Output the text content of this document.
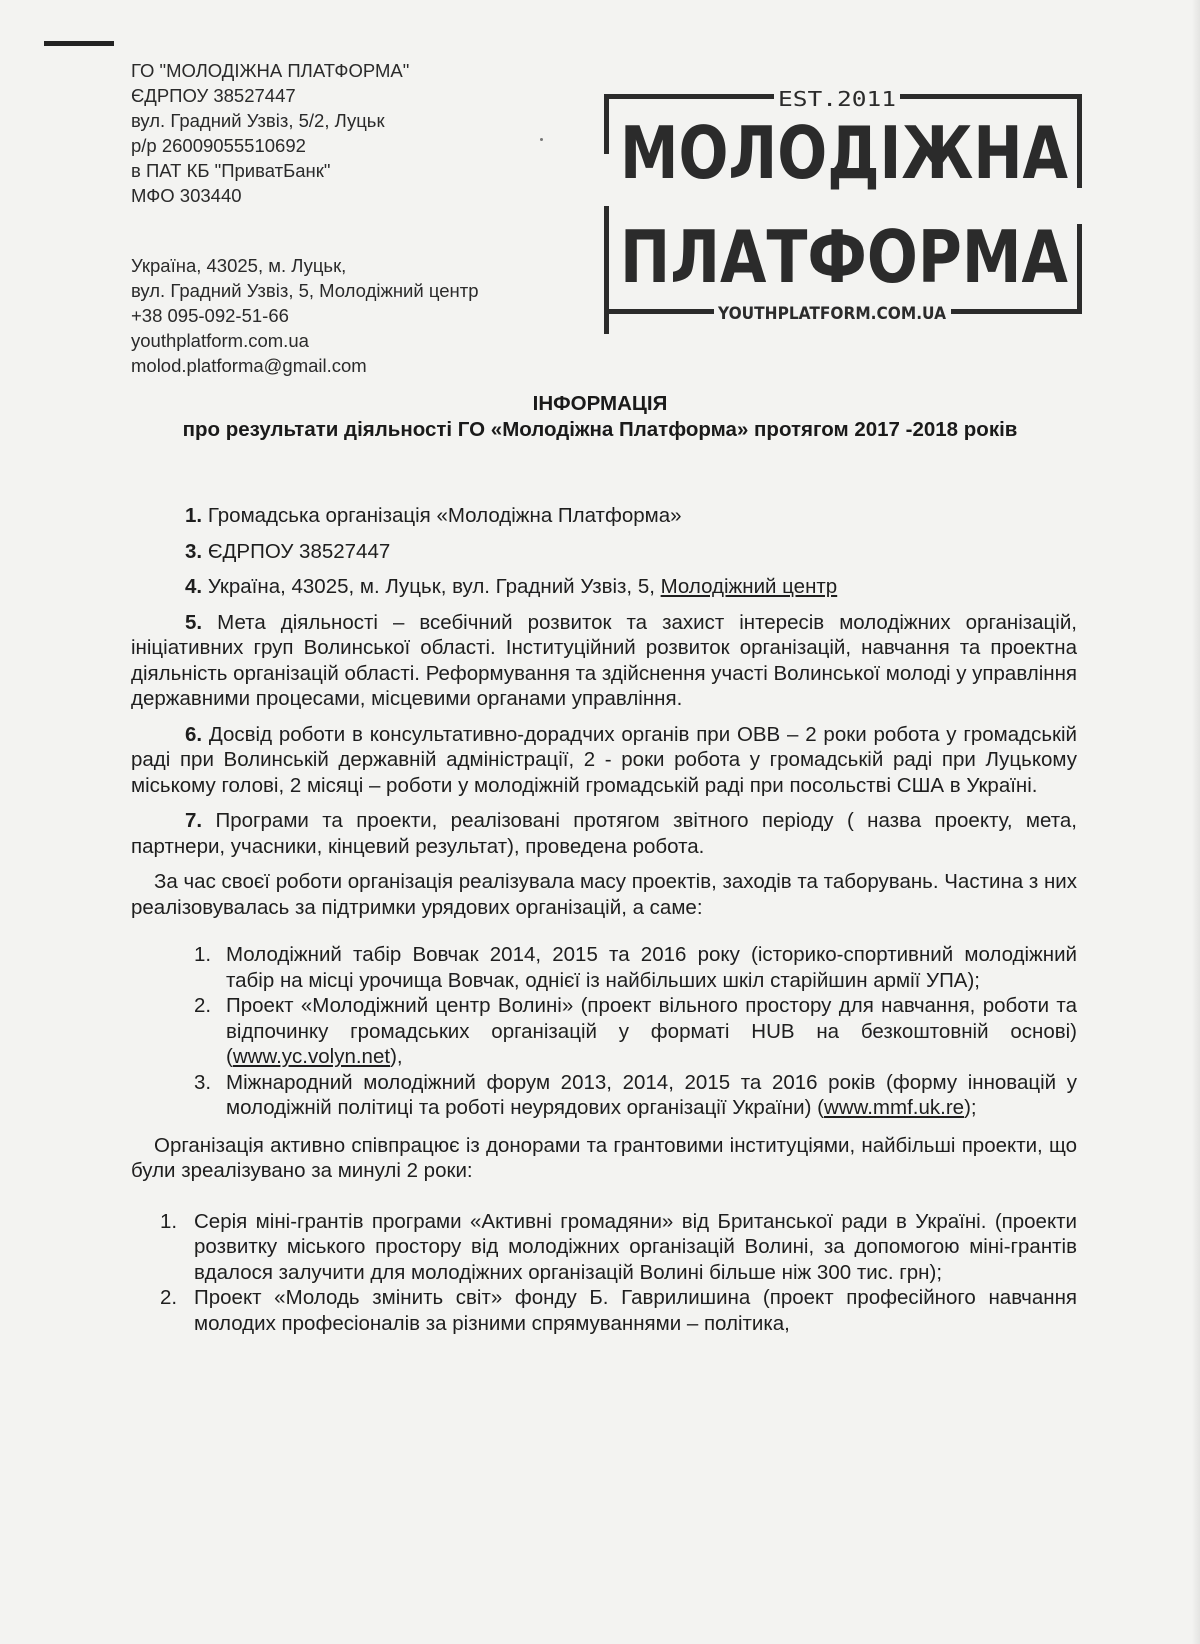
ГО "МОЛОДІЖНА ПЛАТФОРМА"
ЄДРПОУ 38527447
вул. Градний Узвіз, 5/2, Луцьк
р/р 26009055510692
в ПАТ КБ "ПриватБанк"
МФО 303440
Україна, 43025, м. Луцьк,
вул. Градний Узвіз, 5, Молодіжний центр
+38 095-092-51-66
youthplatform.com.ua
molod.platforma@gmail.com
EST.2011
МОЛОДІЖНА
ПЛАТФОРМА
YOUTHPLATFORM.COM.UA
ІНФОРМАЦІЯ
про результати діяльності ГО «Молодіжна Платформа» протягом 2017 -2018 років

1. Громадська організація «Молодіжна Платформа»

3. ЄДРПОУ 38527447

4. Україна, 43025, м. Луцьк, вул. Градний Узвіз, 5, Молодіжний центр

5. Мета діяльності – всебічний розвиток та захист інтересів молодіжних організацій, ініціативних груп Волинської області. Інституційний розвиток організацій, навчання та проектна діяльність організацій області. Реформування та здійснення участі Волинської молоді у управління державними процесами, місцевими органами управління.

6. Досвід роботи в консультативно-дорадчих органів при ОВВ – 2 роки робота у громадській раді при Волинській державній адміністрації, 2 - роки робота у громадській раді при Луцькому міському голові, 2 місяці – роботи у молодіжній громадській раді при посольстві США в Україні.

7. Програми та проекти, реалізовані протягом звітного періоду ( назва проекту, мета, партнери, учасники, кінцевий результат), проведена робота.

За час своєї роботи організація реалізувала масу проектів, заходів та таборувань. Частина з них реалізовувалась за підтримки урядових організацій, а саме:

1. Молодіжний табір Вовчак 2014, 2015 та 2016 року (історико-спортивний молодіжний табір на місці урочища Вовчак, однієї із найбільших шкіл старійшин армії УПА);
2. Проект «Молодіжний центр Волині» (проект вільного простору для навчання, роботи та відпочинку громадських організацій у форматі HUB на безкоштовній основі) (www.yc.volyn.net),
3. Міжнародний молодіжний форум 2013, 2014, 2015 та 2016 років (форму інновацій у молодіжній політиці та роботі неурядових організації України) (www.mmf.uk.re);

Організація активно співпрацює із донорами та грантовими інституціями, найбільші проекти, що були зреалізувано за минулі 2 роки:

1. Серія міні-грантів програми «Активні громадяни» від Британської ради в Україні. (проекти розвитку міського простору від молодіжних організацій Волині, за допомогою міні-грантів вдалося залучити для молодіжних організацій Волині більше ніж 300 тис. грн);
2. Проект «Молодь змінить світ» фонду Б. Гаврилишина (проект професійного навчання молодих професіоналів за різними спрямуваннями – політика,
